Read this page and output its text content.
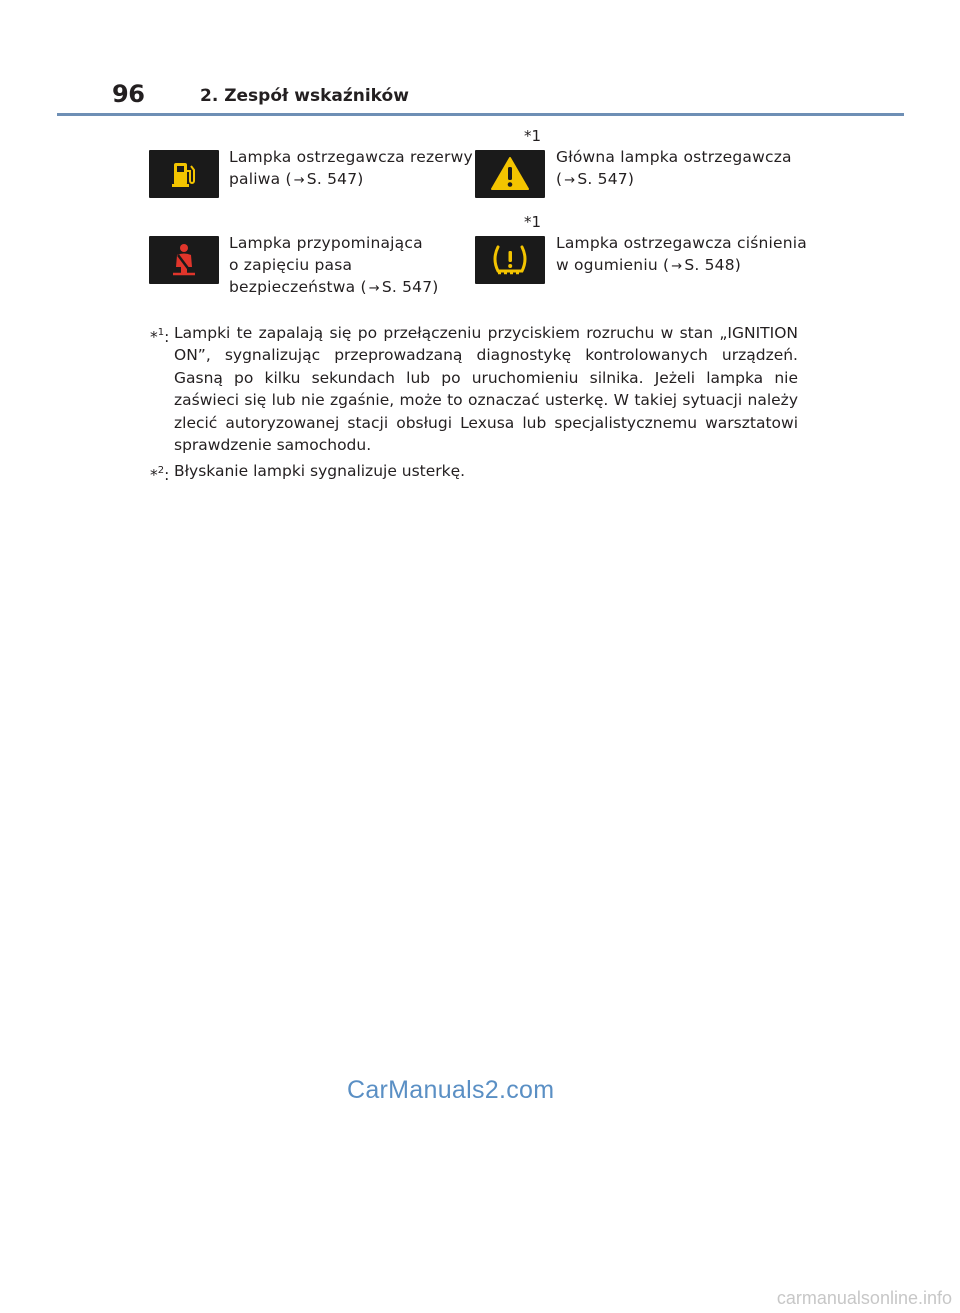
96	2. Zespół wskaźników
Lampka ostrzegawcza rezerwy
paliwa ( → S. 547)
*1
Główna lampka ostrzegawcza
( → S. 547)
Lampka przypominająca
o zapięciu pasa
bezpieczeństwa ( → S. 547)
*1
Lampka ostrzegawcza ciśnienia
w ogumieniu ( → S. 548)
*$^1$: Lampki te zapalają się po przełączeniu przyciskiem rozruchu w stan „IGNITION ON”, sygnalizując przeprowadzaną diagnostykę kontrolowanych urządzeń. Gasną po kilku sekundach lub po uruchomieniu silnika. Jeżeli lampka nie zaświeci się lub nie zgaśnie, może to oznaczać usterkę. W takiej sytuacji należy zlecić autoryzowanej stacji obsługi Lexusa lub specjalistycznemu warsztatowi sprawdzenie samochodu.
*$^2$: Błyskanie lampki sygnalizuje usterkę.
CarManuals2.com
carmanualsonline.info
